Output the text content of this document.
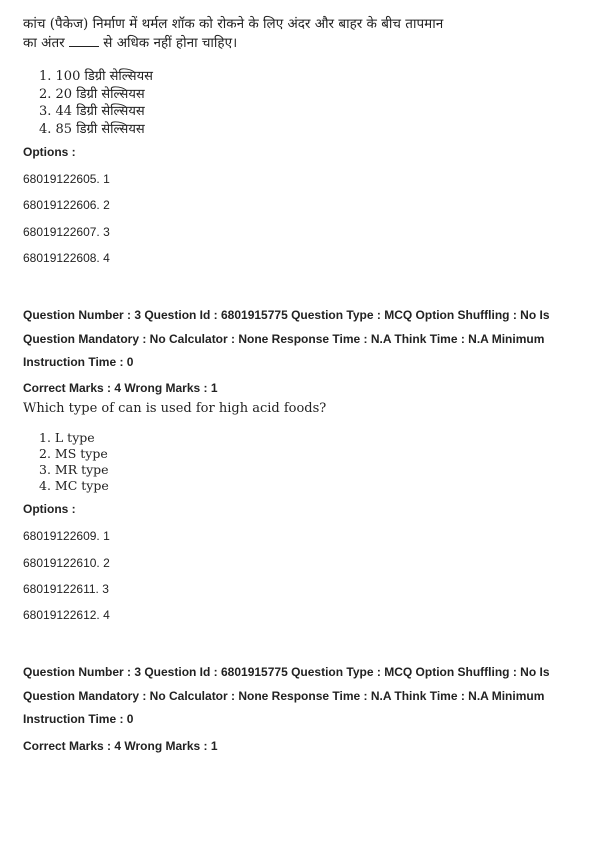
कांच (पैकेज) निर्माण में थर्मल शॉक को रोकने के लिए अंदर और बाहर के बीच तापमान
का अंतर	से अधिक नहीं होना चाहिए।
1. 100 डिग्री सेल्सियस
2. 20 डिग्री सेल्सियस
3. 44 डिग्री सेल्सियस
4. 85 डिग्री सेल्सियस
Options :
68019122605. 1
68019122606. 2
68019122607. 3
68019122608. 4
Question Number : 3 Question Id : 6801915775 Question Type : MCQ Option Shuffling : No Is
Question Mandatory : No Calculator : None Response Time : N.A Think Time : N.A Minimum
Instruction Time : 0
Correct Marks : 4 Wrong Marks : 1
Which type of can is used for high acid foods?
1. L type
2. MS type
3. MR type
4. MC type
Options :
68019122609. 1
68019122610. 2
68019122611. 3
68019122612. 4
Question Number : 3 Question Id : 6801915775 Question Type : MCQ Option Shuffling : No Is
Question Mandatory : No Calculator : None Response Time : N.A Think Time : N.A Minimum
Instruction Time : 0
Correct Marks : 4 Wrong Marks : 1
